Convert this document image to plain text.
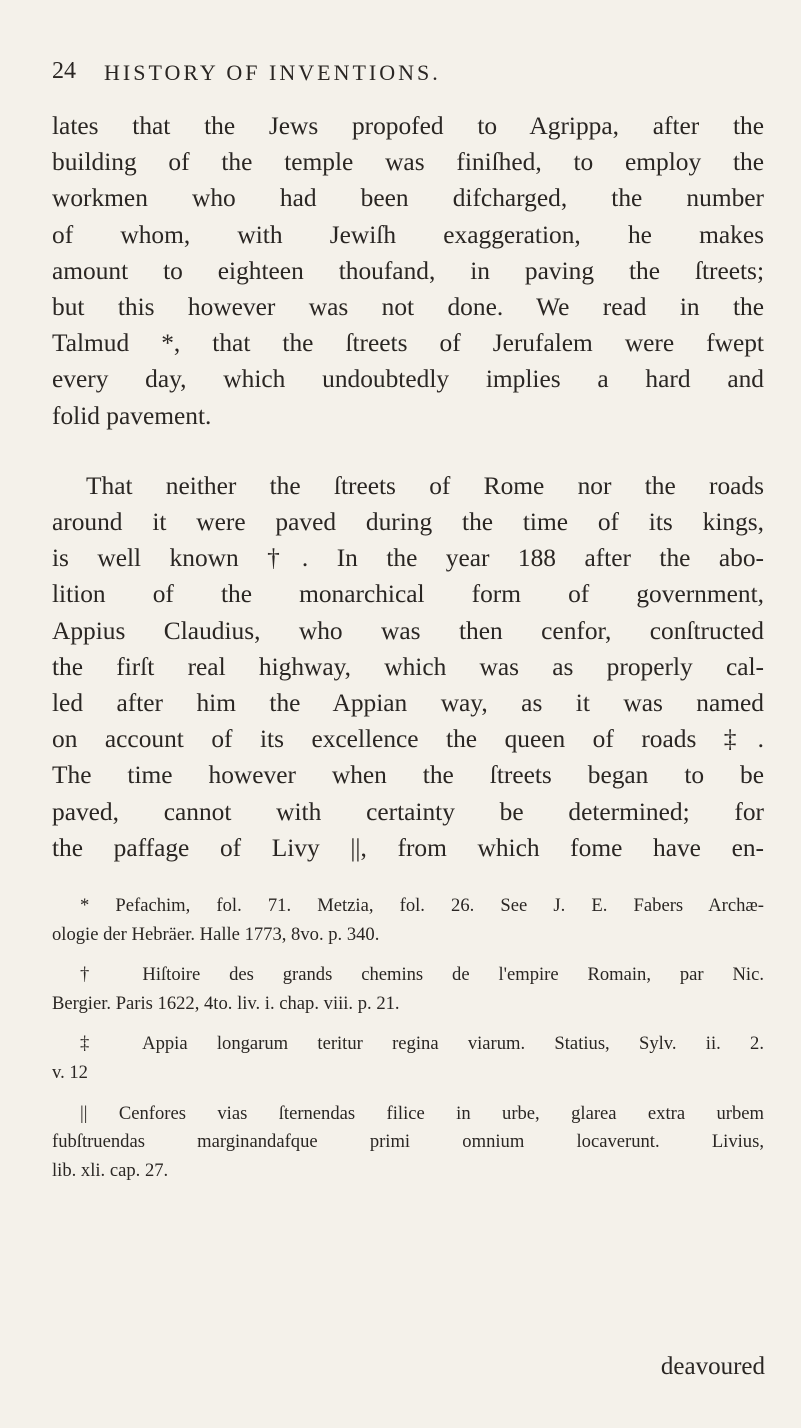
24 HISTORY OF INVENTIONS.

lates that the Jews propofed to Agrippa, after the
building of the temple was finiſhed, to employ the
workmen who had been difcharged, the number
of whom, with Jewiſh exaggeration, he makes
amount to eighteen thoufand, in paving the ſtreets;
but this however was not done. We read in the
Talmud *, that the ſtreets of Jerufalem were fwept
every day, which undoubtedly implies a hard and
folid pavement.

That neither the ſtreets of Rome nor the roads
around it were paved during the time of its kings,
is well known †. In the year 188 after the abo-
lition of the monarchical form of government,
Appius Claudius, who was then cenfor, conſtructed
the firſt real highway, which was as properly cal-
led after him the Appian way, as it was named
on account of its excellence the queen of roads ‡.
The time however when the ſtreets began to be
paved, cannot with certainty be determined; for
the paffage of Livy ||, from which fome have en-

* Pefachim, fol. 71. Metzia, fol. 26. See J. E. Fabers Archæ-
ologie der Hebräer. Halle 1773, 8vo. p. 340.

† Hiſtoire des grands chemins de l'empire Romain, par Nic.
Bergier. Paris 1622, 4to. liv. i. chap. viii. p. 21.

‡ Appia longarum teritur regina viarum. Statius, Sylv. ii. 2.
v. 12

|| Cenfores vias ſternendas filice in urbe, glarea extra urbem
fubſtruendas marginandafque primi omnium locaverunt. Livius,
lib. xli. cap. 27.

deavoured
